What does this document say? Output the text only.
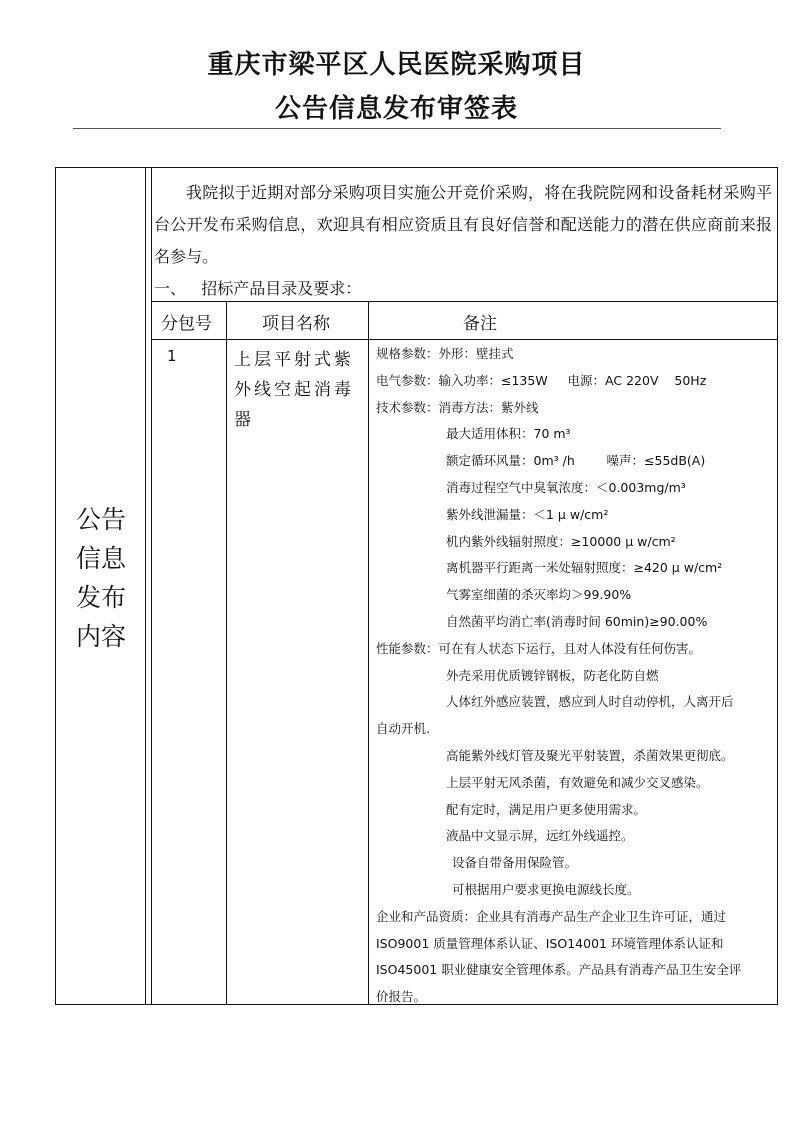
重庆市梁平区人民医院采购项目
公告信息发布审签表
公告
信息
发布
内容

我院拟于近期对部分采购项目实施公开竞价采购，将在我院院网和设备耗材采购平台公开发布采购信息，欢迎具有相应资质且有良好信誉和配送能力的潜在供应商前来报名参与。

一、   招标产品目录及要求：

分包号	项目名称	备注
1	上层平射式紫外线空起消毒器
规格参数：外形：壁挂式
电气参数：输入功率：≤135W     电源：AC 220V    50Hz
技术参数：消毒方法：紫外线
最大适用体积：70 m³
额定循环风量：0m³ /h        噪声：≤55dB(A)
消毒过程空气中臭氧浓度：＜0.003mg/m³
紫外线泄漏量：＜1 μ w/cm²
机内紫外线辐射照度：≥10000 μ w/cm²
离机器平行距离一米处辐射照度：≥420 μ w/cm²
气雾室细菌的杀灭率均＞99.90%
自然菌平均消亡率(消毒时间 60min)≥90.00%
性能参数：可在有人状态下运行，且对人体没有任何伤害。
外壳采用优质镀锌钢板，防老化防自燃
人体红外感应装置，感应到人时自动停机，人离开后
自动开机.
高能紫外线灯管及聚光平射装置，杀菌效果更彻底。
上层平射无风杀菌，有效避免和减少交叉感染。
配有定时，满足用户更多使用需求。
液晶中文显示屏，远红外线遥控。
设备自带备用保险管。
可根据用户要求更换电源线长度。
企业和产品资质：企业具有消毒产品生产企业卫生许可证，通过
ISO9001 质量管理体系认证、ISO14001 环境管理体系认证和
ISO45001 职业健康安全管理体系。产品具有消毒产品卫生安全评
价报告。
